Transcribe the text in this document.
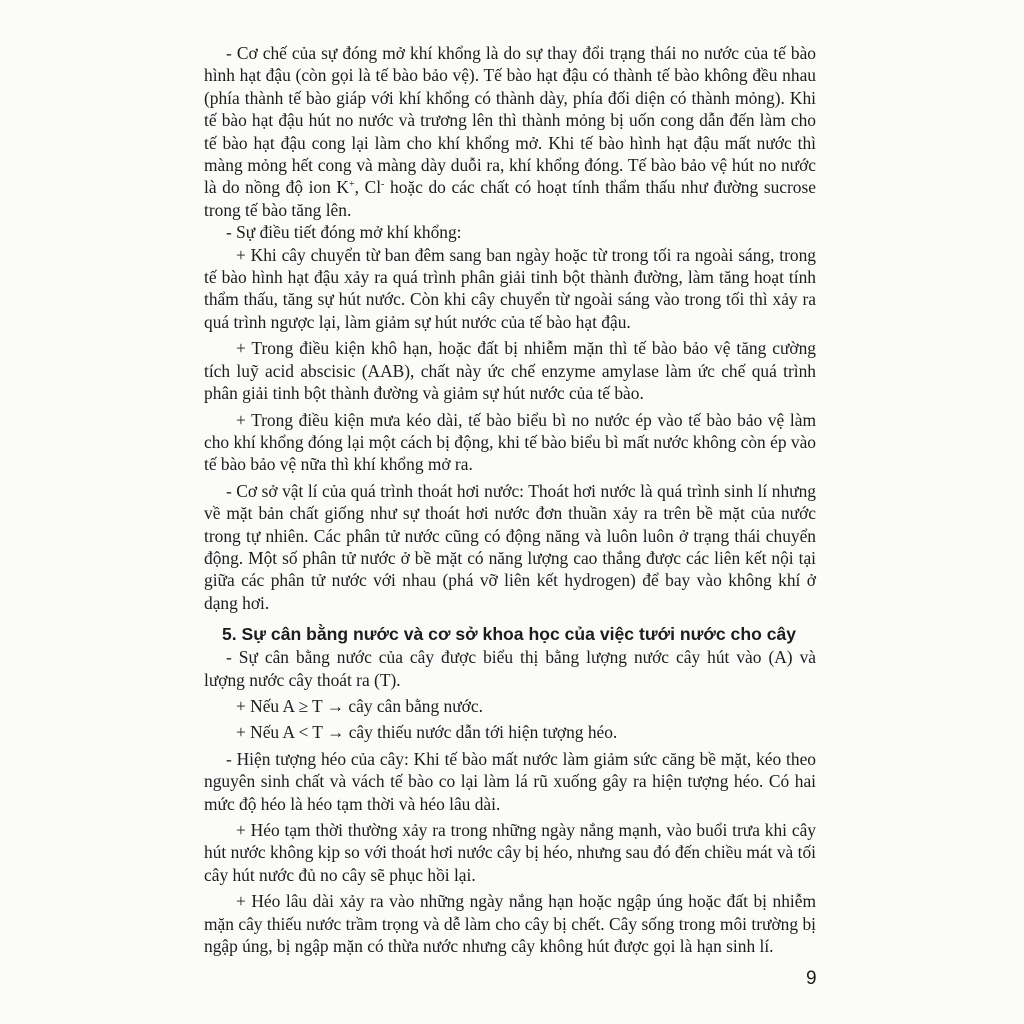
- Cơ chế của sự đóng mở khí khổng là do sự thay đổi trạng thái no nước của tế bào hình hạt đậu (còn gọi là tế bào bảo vệ). Tế bào hạt đậu có thành tế bào không đều nhau (phía thành tế bào giáp với khí khổng có thành dày, phía đối diện có thành mỏng). Khi tế bào hạt đậu hút no nước và trương lên thì thành mỏng bị uốn cong dẫn đến làm cho tế bào hạt đậu cong lại làm cho khí khổng mở. Khi tế bào hình hạt đậu mất nước thì màng mỏng hết cong và màng dày duỗi ra, khí khổng đóng. Tế bào bảo vệ hút no nước là do nồng độ ion K+, Cl- hoặc do các chất có hoạt tính thẩm thấu như đường sucrose trong tế bào tăng lên.

- Sự điều tiết đóng mở khí khổng:

+ Khi cây chuyển từ ban đêm sang ban ngày hoặc từ trong tối ra ngoài sáng, trong tế bào hình hạt đậu xảy ra quá trình phân giải tinh bột thành đường, làm tăng hoạt tính thẩm thấu, tăng sự hút nước. Còn khi cây chuyển từ ngoài sáng vào trong tối thì xảy ra quá trình ngược lại, làm giảm sự hút nước của tế bào hạt đậu.

+ Trong điều kiện khô hạn, hoặc đất bị nhiễm mặn thì tế bào bảo vệ tăng cường tích luỹ acid abscisic (AAB), chất này ức chế enzyme amylase làm ức chế quá trình phân giải tinh bột thành đường và giảm sự hút nước của tế bào.

+ Trong điều kiện mưa kéo dài, tế bào biểu bì no nước ép vào tế bào bảo vệ làm cho khí khổng đóng lại một cách bị động, khi tế bào biểu bì mất nước không còn ép vào tế bào bảo vệ nữa thì khí khổng mở ra.

- Cơ sở vật lí của quá trình thoát hơi nước: Thoát hơi nước là quá trình sinh lí nhưng về mặt bản chất giống như sự thoát hơi nước đơn thuần xảy ra trên bề mặt của nước trong tự nhiên. Các phân tử nước cũng có động năng và luôn luôn ở trạng thái chuyển động. Một số phân tử nước ở bề mặt có năng lượng cao thắng được các liên kết nội tại giữa các phân tử nước với nhau (phá vỡ liên kết hydrogen) để bay vào không khí ở dạng hơi.

5. Sự cân bằng nước và cơ sở khoa học của việc tưới nước cho cây

- Sự cân bằng nước của cây được biểu thị bằng lượng nước cây hút vào (A) và lượng nước cây thoát ra (T).

+ Nếu A ≥ T → cây cân bằng nước.

+ Nếu A < T → cây thiếu nước dẫn tới hiện tượng héo.

- Hiện tượng héo của cây: Khi tế bào mất nước làm giảm sức căng bề mặt, kéo theo nguyên sinh chất và vách tế bào co lại làm lá rũ xuống gây ra hiện tượng héo. Có hai mức độ héo là héo tạm thời và héo lâu dài.

+ Héo tạm thời thường xảy ra trong những ngày nắng mạnh, vào buổi trưa khi cây hút nước không kịp so với thoát hơi nước cây bị héo, nhưng sau đó đến chiều mát và tối cây hút nước đủ no cây sẽ phục hồi lại.

+ Héo lâu dài xảy ra vào những ngày nắng hạn hoặc ngập úng hoặc đất bị nhiễm mặn cây thiếu nước trầm trọng và dễ làm cho cây bị chết. Cây sống trong môi trường bị ngập úng, bị ngập mặn có thừa nước nhưng cây không hút được gọi là hạn sinh lí.

9
